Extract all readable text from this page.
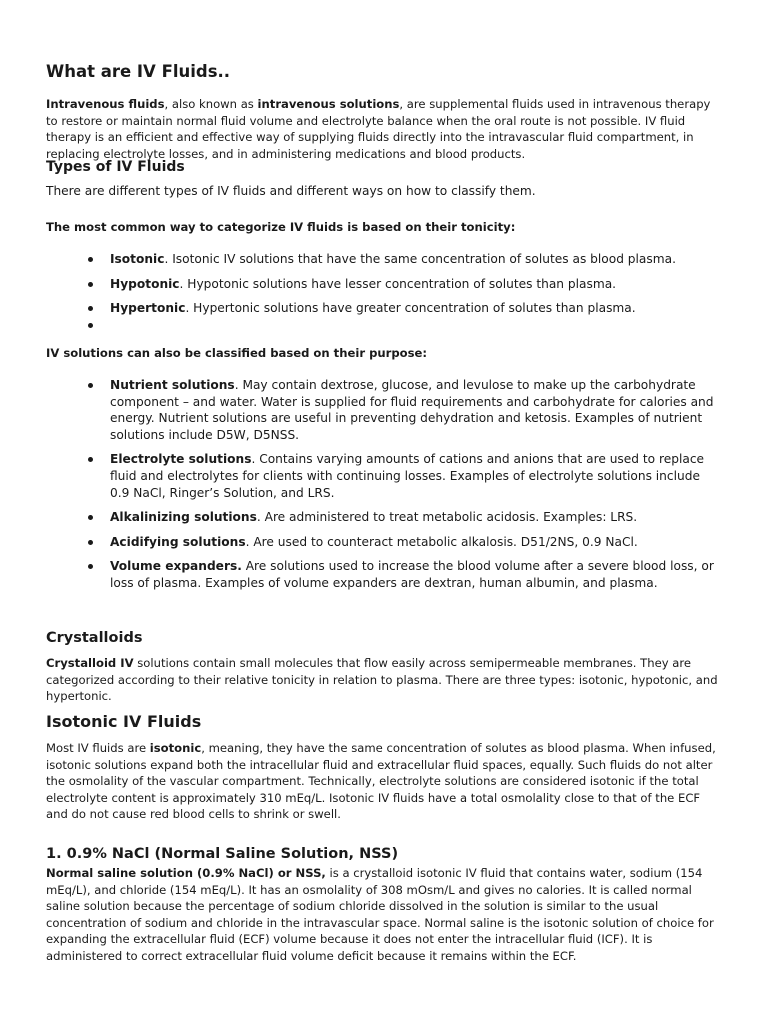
What are IV Fluids..

Intravenous fluids, also known as intravenous solutions, are supplemental fluids used in intravenous therapy to restore or maintain normal fluid volume and electrolyte balance when the oral route is not possible. IV fluid therapy is an efficient and effective way of supplying fluids directly into the intravascular fluid compartment, in replacing electrolyte losses, and in administering medications and blood products.

Types of IV Fluids

There are different types of IV fluids and different ways on how to classify them.

The most common way to categorize IV fluids is based on their tonicity:
Isotonic. Isotonic IV solutions that have the same concentration of solutes as blood plasma.
Hypotonic. Hypotonic solutions have lesser concentration of solutes than plasma.
Hypertonic. Hypertonic solutions have greater concentration of solutes than plasma.
IV solutions can also be classified based on their purpose:
Nutrient solutions. May contain dextrose, glucose, and levulose to make up the carbohydrate component – and water. Water is supplied for fluid requirements and carbohydrate for calories and energy. Nutrient solutions are useful in preventing dehydration and ketosis. Examples of nutrient solutions include D5W, D5NSS.
Electrolyte solutions. Contains varying amounts of cations and anions that are used to replace fluid and electrolytes for clients with continuing losses. Examples of electrolyte solutions include 0.9 NaCl, Ringer’s Solution, and LRS.
Alkalinizing solutions. Are administered to treat metabolic acidosis. Examples: LRS.
Acidifying solutions. Are used to counteract metabolic alkalosis. D51/2NS, 0.9 NaCl.
Volume expanders. Are solutions used to increase the blood volume after a severe blood loss, or loss of plasma. Examples of volume expanders are dextran, human albumin, and plasma.
Crystalloids

Crystalloid IV solutions contain small molecules that flow easily across semipermeable membranes. They are categorized according to their relative tonicity in relation to plasma. There are three types: isotonic, hypotonic, and hypertonic.

Isotonic IV Fluids

Most IV fluids are isotonic, meaning, they have the same concentration of solutes as blood plasma. When infused, isotonic solutions expand both the intracellular fluid and extracellular fluid spaces, equally. Such fluids do not alter the osmolality of the vascular compartment. Technically, electrolyte solutions are considered isotonic if the total electrolyte content is approximately 310 mEq/L. Isotonic IV fluids have a total osmolality close to that of the ECF and do not cause red blood cells to shrink or swell.

1. 0.9% NaCl (Normal Saline Solution, NSS)

Normal saline solution (0.9% NaCl) or NSS, is a crystalloid isotonic IV fluid that contains water, sodium (154 mEq/L), and chloride (154 mEq/L). It has an osmolality of 308 mOsm/L and gives no calories. It is called normal saline solution because the percentage of sodium chloride dissolved in the solution is similar to the usual concentration of sodium and chloride in the intravascular space. Normal saline is the isotonic solution of choice for expanding the extracellular fluid (ECF) volume because it does not enter the intracellular fluid (ICF). It is administered to correct extracellular fluid volume deficit because it remains within the ECF.
